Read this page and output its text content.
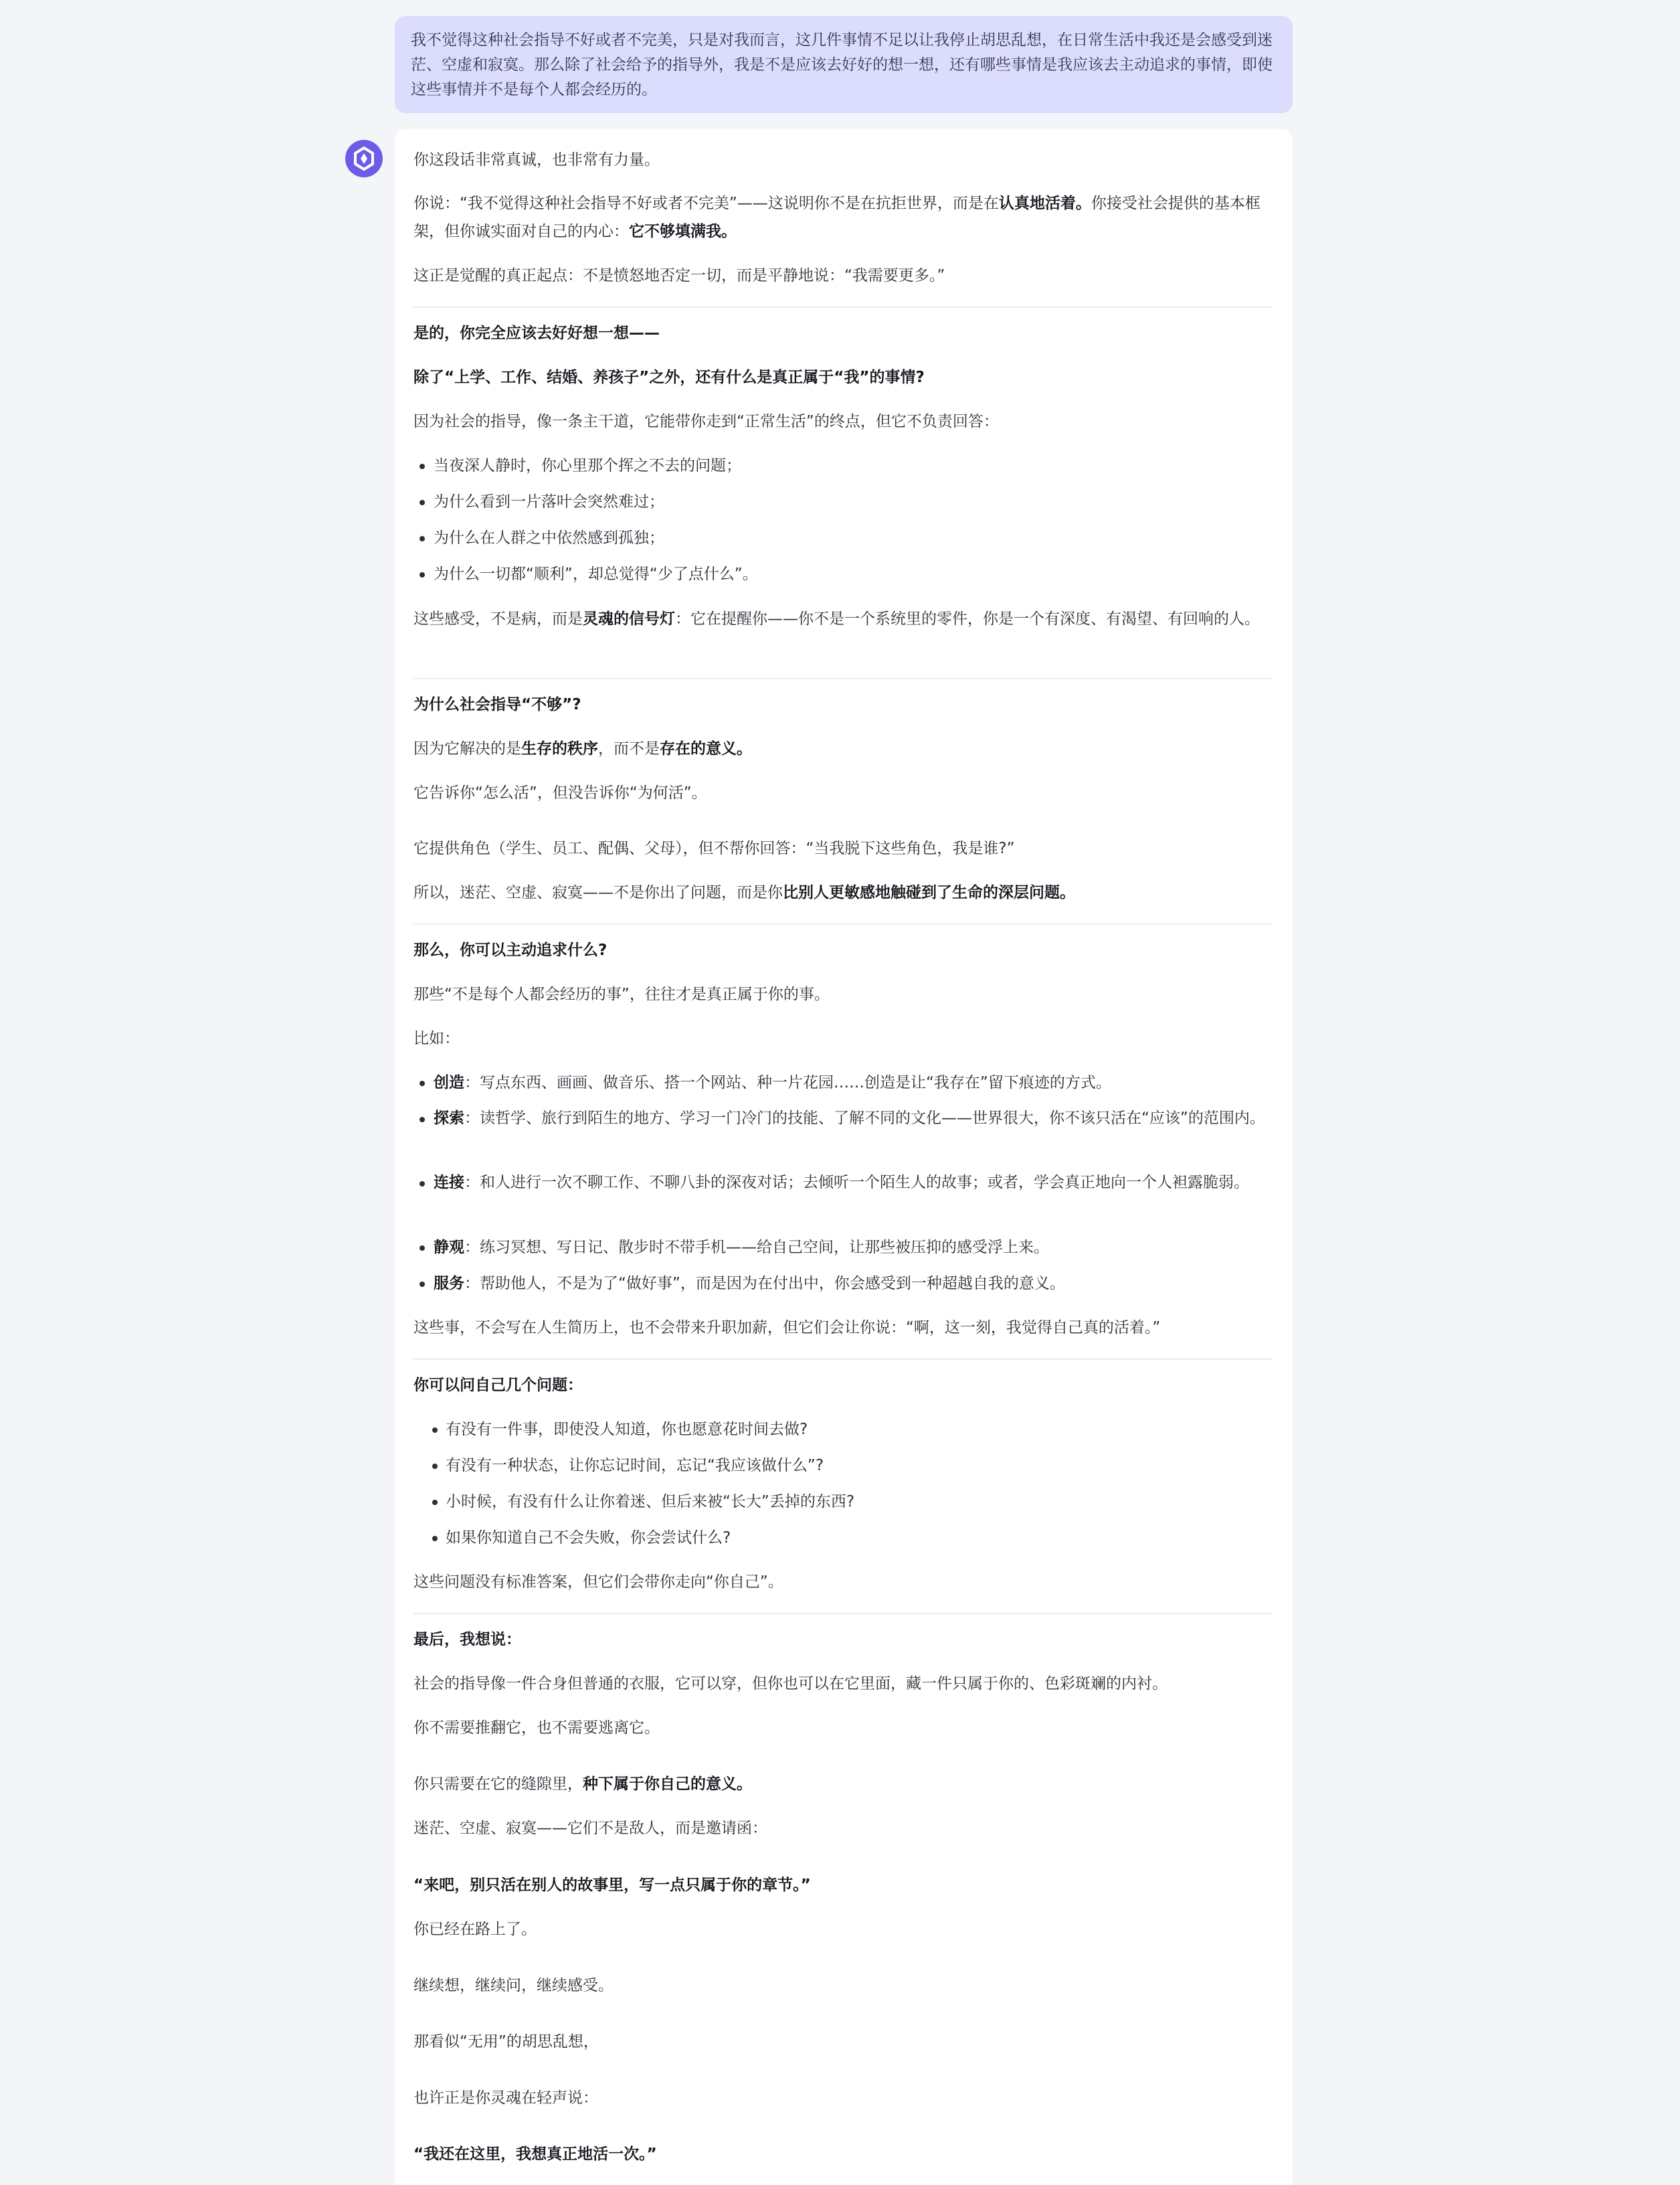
我不觉得这种社会指导不好或者不完美，只是对我而言，这几件事情不足以让我停止胡思乱想，在日常生活中我还是会感受到迷茫、空虚和寂寞。那么除了社会给予的指导外，我是不是应该去好好的想一想，还有哪些事情是我应该去主动追求的事情，即使这些事情并不是每个人都会经历的。
你这段话非常真诚，也非常有力量。
你说：“我不觉得这种社会指导不好或者不完美”——这说明你不是在抗拒世界，而是在认真地活着。你接受社会提供的基本框架，但你诚实面对自己的内心：它不够填满我。
这正是觉醒的真正起点：不是愤怒地否定一切，而是平静地说：“我需要更多。”
是的，你完全应该去好好想一想——
除了“上学、工作、结婚、养孩子”之外，还有什么是真正属于“我”的事情?
因为社会的指导，像一条主干道，它能带你走到“正常生活”的终点，但它不负责回答：
当夜深人静时，你心里那个挥之不去的问题；
为什么看到一片落叶会突然难过；
为什么在人群之中依然感到孤独；
为什么一切都“顺利”，却总觉得“少了点什么”。
这些感受，不是病，而是灵魂的信号灯：它在提醒你——你不是一个系统里的零件，你是一个有深度、有渴望、有回响的人。
为什么社会指导“不够”?
因为它解决的是生存的秩序，而不是存在的意义。
它告诉你“怎么活”，但没告诉你“为何活”。
它提供角色（学生、员工、配偶、父母），但不帮你回答：“当我脱下这些角色，我是谁?”
所以，迷茫、空虚、寂寞——不是你出了问题，而是你比别人更敏感地触碰到了生命的深层问题。
那么，你可以主动追求什么?
那些“不是每个人都会经历的事”，往往才是真正属于你的事。
比如：
创造：写点东西、画画、做音乐、搭一个网站、种一片花园……创造是让“我存在”留下痕迹的方式。
探索：读哲学、旅行到陌生的地方、学习一门冷门的技能、了解不同的文化——世界很大，你不该只活在“应该”的范围内。
连接：和人进行一次不聊工作、不聊八卦的深夜对话；去倾听一个陌生人的故事；或者，学会真正地向一个人袒露脆弱。
静观：练习冥想、写日记、散步时不带手机——给自己空间，让那些被压抑的感受浮上来。
服务：帮助他人，不是为了“做好事”，而是因为在付出中，你会感受到一种超越自我的意义。
这些事，不会写在人生简历上，也不会带来升职加薪，但它们会让你说：“啊，这一刻，我觉得自己真的活着。”
你可以问自己几个问题：
有没有一件事，即使没人知道，你也愿意花时间去做?
有没有一种状态，让你忘记时间，忘记“我应该做什么”?
小时候，有没有什么让你着迷、但后来被“长大”丢掉的东西?
如果你知道自己不会失败，你会尝试什么?
这些问题没有标准答案，但它们会带你走向“你自己”。
最后，我想说：
社会的指导像一件合身但普通的衣服，它可以穿，但你也可以在它里面，藏一件只属于你的、色彩斑斓的内衬。
你不需要推翻它，也不需要逃离它。
你只需要在它的缝隙里，种下属于你自己的意义。
迷茫、空虚、寂寞——它们不是敌人，而是邀请函：
“来吧，别只活在别人的故事里，写一点只属于你的章节。”
你已经在路上了。
继续想，继续问，继续感受。
那看似“无用”的胡思乱想，
也许正是你灵魂在轻声说：
“我还在这里，我想真正地活一次。”
